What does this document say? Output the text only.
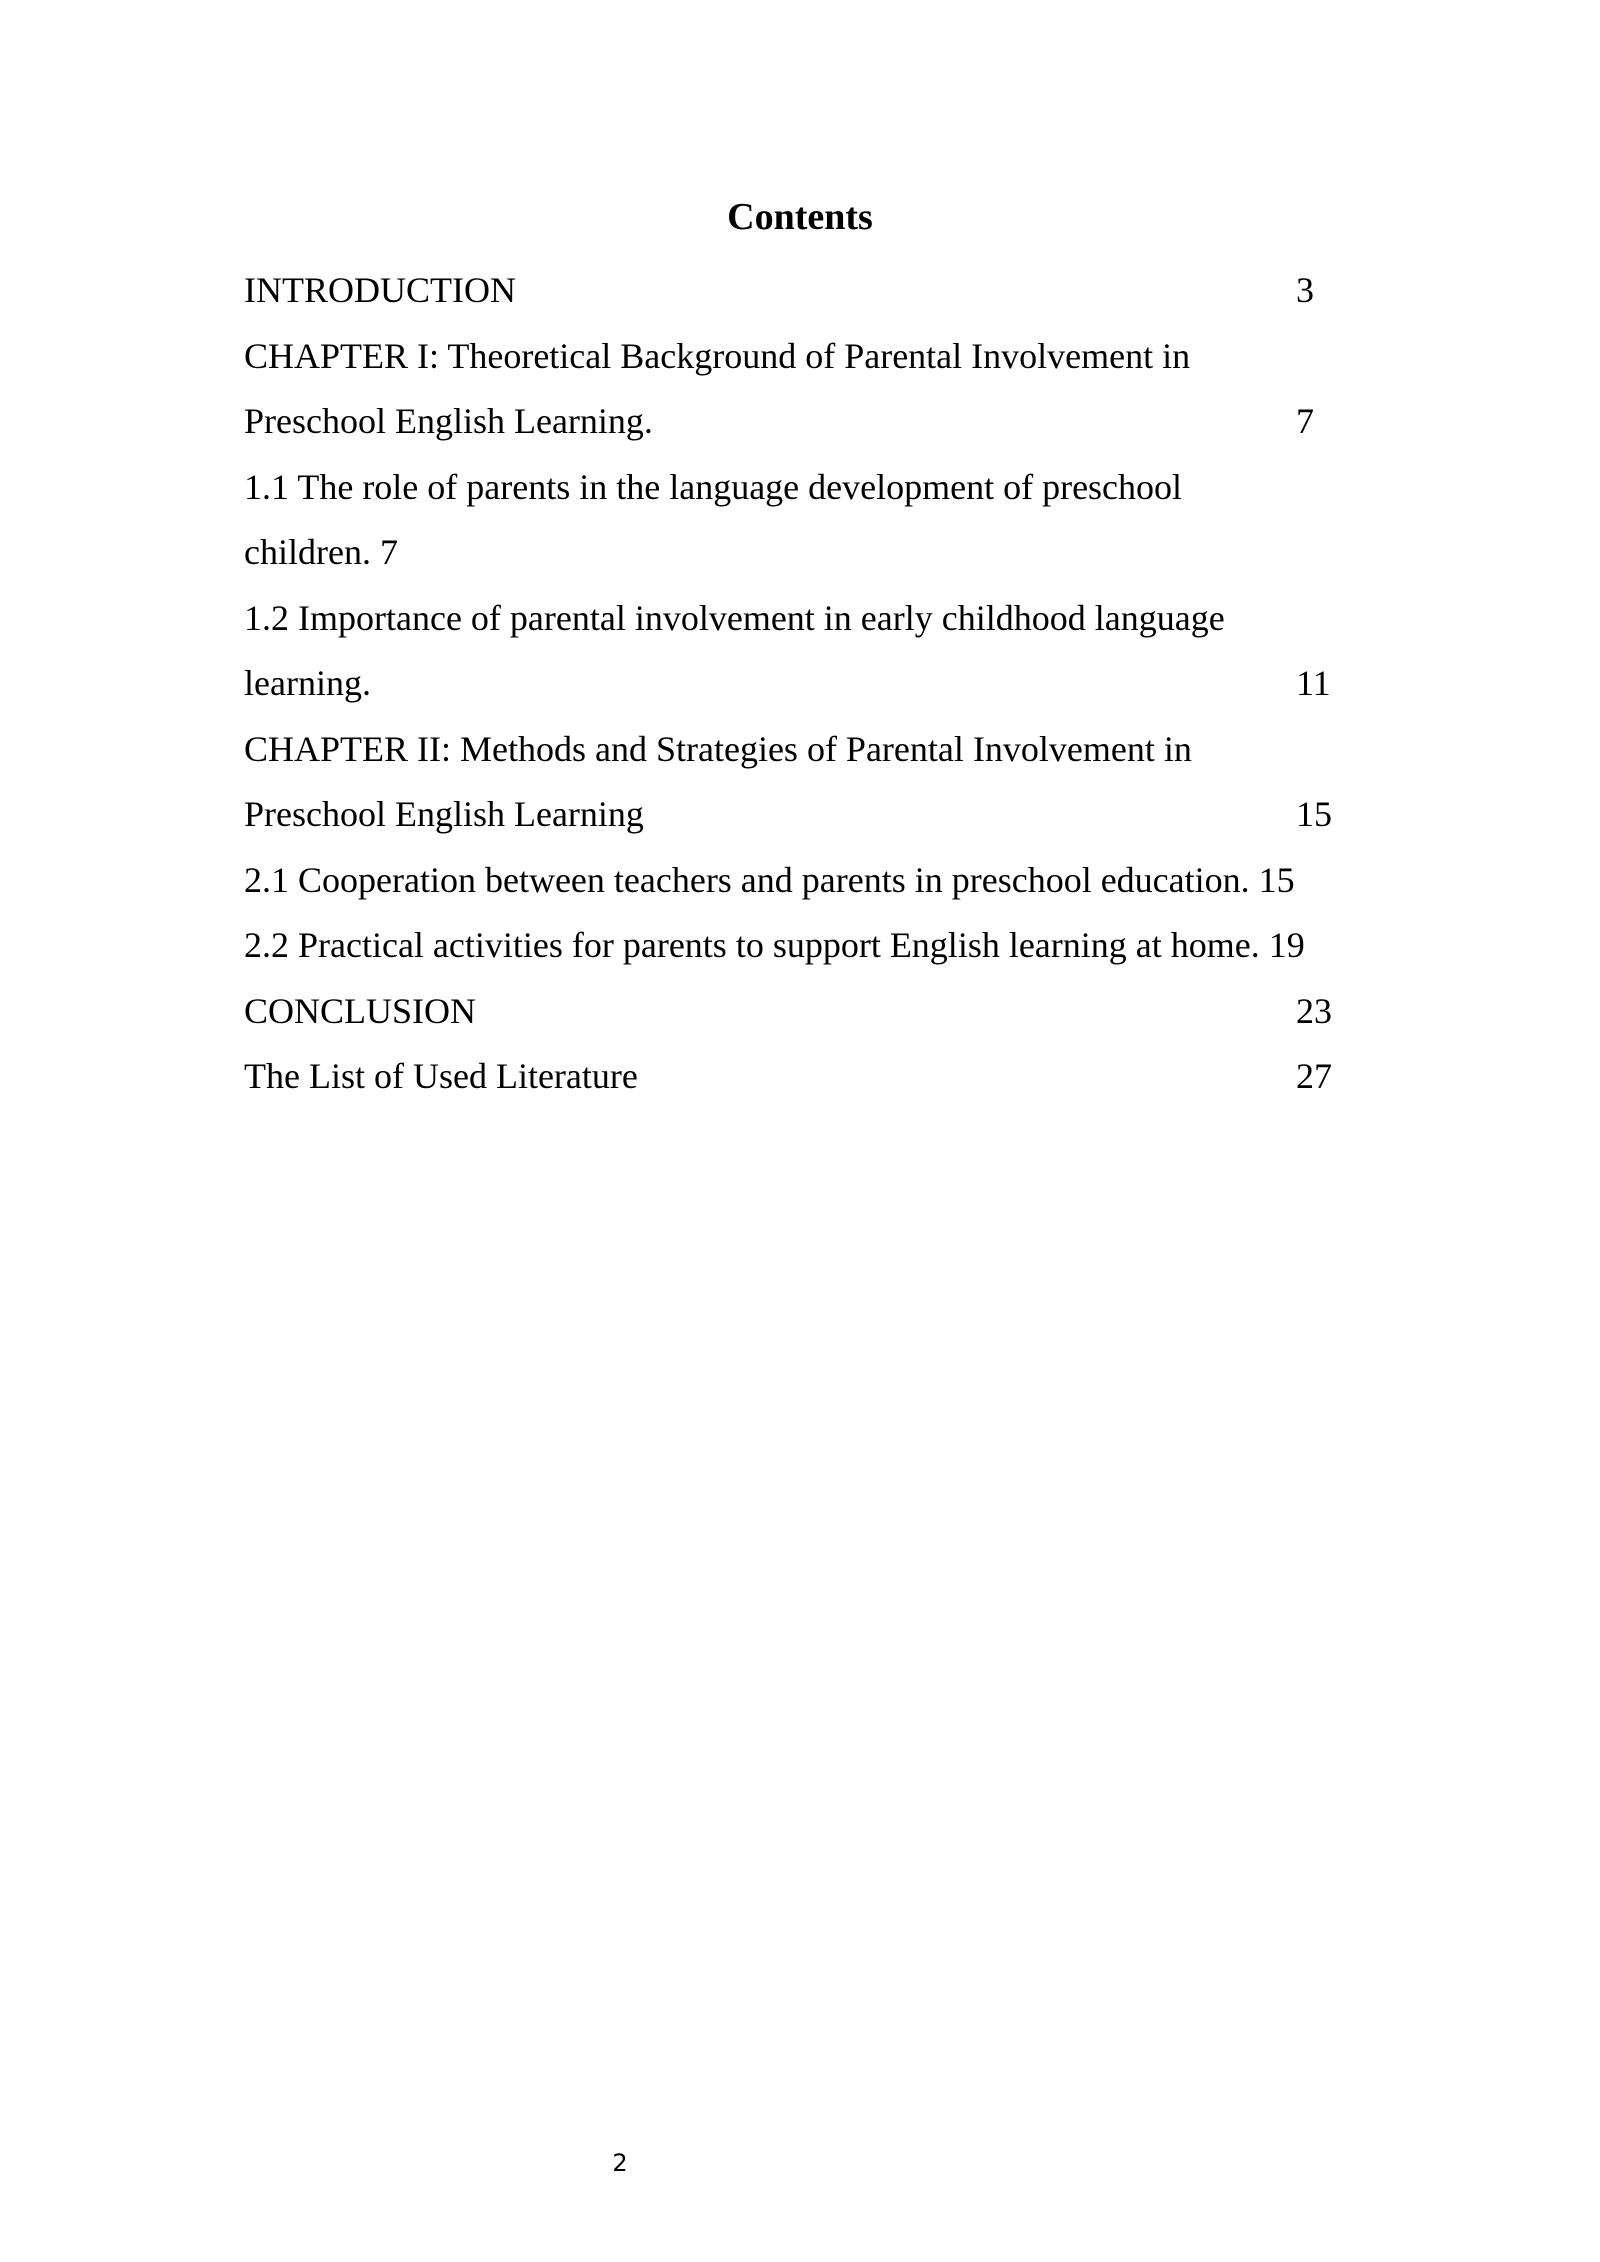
Contents
INTRODUCTION	3
CHAPTER I: Theoretical Background of Parental Involvement in
Preschool English Learning.	7
1.1 The role of parents in the language development of preschool
children. 7
1.2 Importance of parental involvement in early childhood language
learning.	11
CHAPTER II: Methods and Strategies of Parental Involvement in
Preschool English Learning	15
2.1 Cooperation between teachers and parents in preschool education. 15
2.2 Practical activities for parents to support English learning at home. 19
CONCLUSION	23
The List of Used Literature	27
2
